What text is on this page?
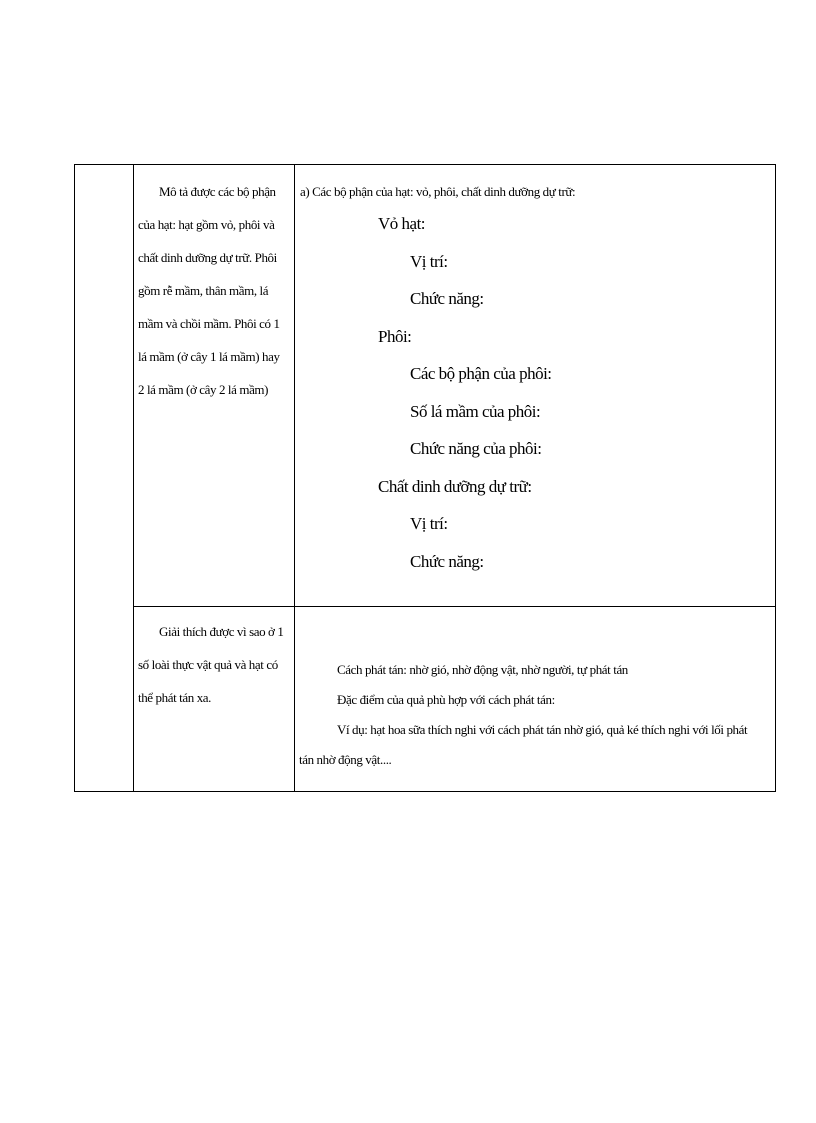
Mô tả được các bộ phận
của hạt: hạt gồm vỏ, phôi và
chất dinh dưỡng dự trữ. Phôi
gồm rễ mầm, thân mầm, lá
mầm và chồi mầm. Phôi có 1
lá mầm (ở cây 1 lá mầm) hay
2 lá mầm (ở cây 2 lá mầm)
a) Các bộ phận của hạt: vỏ, phôi, chất dinh dưỡng dự trữ:
Vỏ hạt:
Vị trí:
Chức năng:
Phôi:
Các bộ phận của phôi:
Số lá mầm của phôi:
Chức năng của phôi:
Chất dinh dưỡng dự trữ:
Vị trí:
Chức năng:
Giải thích được vì sao ở 1
số loài thực vật quả và hạt có
thể phát tán xa.
Cách phát tán: nhờ gió, nhờ động vật, nhờ người, tự phát tán
Đặc điểm của quả phù hợp với cách phát tán:
Ví dụ: hạt hoa sữa thích nghi với cách phát tán nhờ gió, quả ké thích nghi với lối phát
tán nhờ động vật....
